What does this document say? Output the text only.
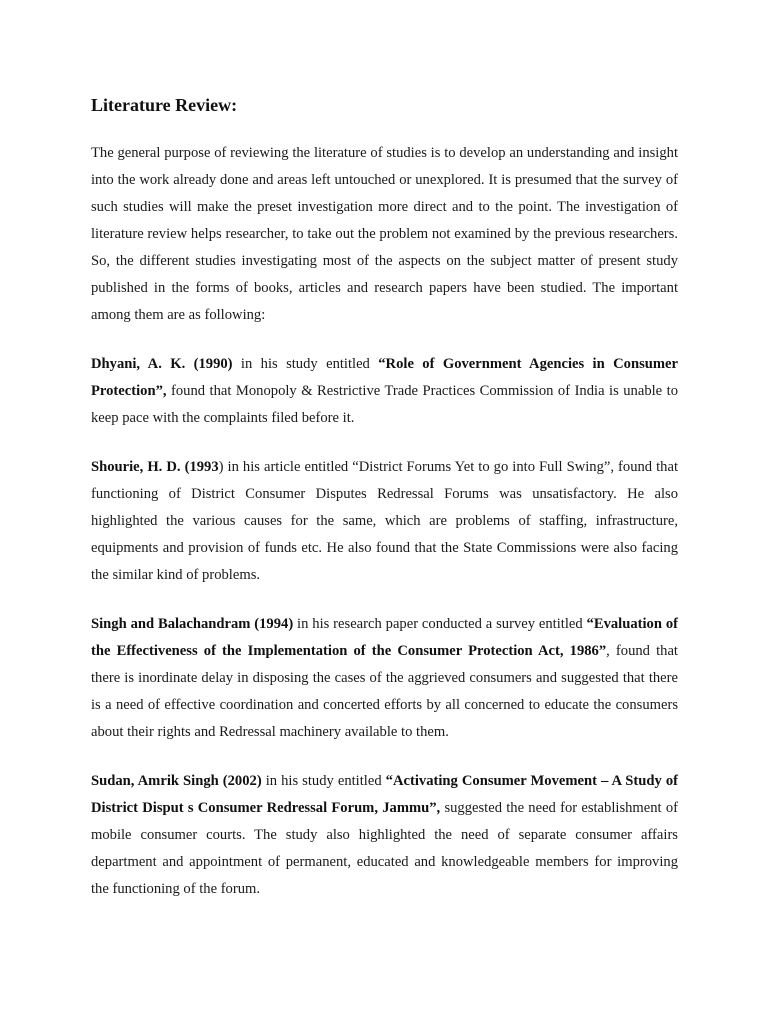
Literature Review:

The general purpose of reviewing the literature of studies is to develop an understanding and insight into the work already done and areas left untouched or unexplored. It is presumed that the survey of such studies will make the preset investigation more direct and to the point. The investigation of literature review helps researcher, to take out the problem not examined by the previous researchers. So, the different studies investigating most of the aspects on the subject matter of present study published in the forms of books, articles and research papers have been studied. The important among them are as following:

Dhyani, A. K. (1990) in his study entitled “Role of Government Agencies in Consumer Protection”, found that Monopoly & Restrictive Trade Practices Commission of India is unable to keep pace with the complaints filed before it.

Shourie, H. D. (1993) in his article entitled “District Forums Yet to go into Full Swing”, found that functioning of District Consumer Disputes Redressal Forums was unsatisfactory. He also highlighted the various causes for the same, which are problems of staffing, infrastructure, equipments and provision of funds etc. He also found that the State Commissions were also facing the similar kind of problems.

Singh and Balachandram (1994) in his research paper conducted a survey entitled “Evaluation of the Effectiveness of the Implementation of the Consumer Protection Act, 1986”, found that there is inordinate delay in disposing the cases of the aggrieved consumers and suggested that there is a need of effective coordination and concerted efforts by all concerned to educate the consumers about their rights and Redressal machinery available to them.

Sudan, Amrik Singh (2002) in his study entitled “Activating Consumer Movement – A Study of District Disput s Consumer Redressal Forum, Jammu”, suggested the need for establishment of mobile consumer courts. The study also highlighted the need of separate consumer affairs department and appointment of permanent, educated and knowledgeable members for improving the functioning of the forum.
